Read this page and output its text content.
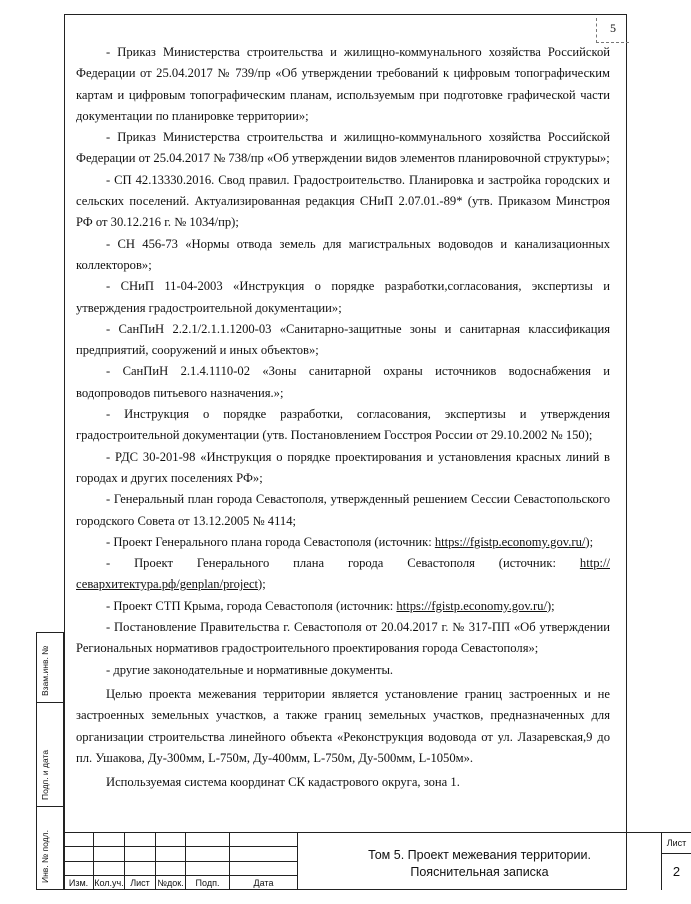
5

- Приказ Министерства строительства и жилищно-коммунального хозяйства Российской Федерации от 25.04.2017 № 739/пр «Об утверждении требований к цифровым топографическим картам и цифровым топографическим планам, используемым при подготовке графической части документации по планировке территории»;

- Приказ Министерства строительства и жилищно-коммунального хозяйства Российской Федерации от 25.04.2017 № 738/пр «Об утверждении видов элементов планировочной структуры»;

- СП 42.13330.2016. Свод правил. Градостроительство. Планировка и застройка городских и сельских поселений. Актуализированная редакция СНиП 2.07.01.-89* (утв. Приказом Минстроя РФ от 30.12.216 г. № 1034/пр);

- СН 456-73 «Нормы отвода земель для магистральных водоводов и канализационных коллекторов»;

- СНиП 11-04-2003 «Инструкция о порядке разработки,согласования, экспертизы и утверждения градостроительной документации»;

- СанПиН 2.2.1/2.1.1.1200-03 «Санитарно-защитные зоны и санитарная классификация предприятий, сооружений и иных объектов»;

- СанПиН 2.1.4.1110-02 «Зоны санитарной охраны источников водоснабжения и водопроводов питьевого назначения.»;

- Инструкция о порядке разработки, согласования, экспертизы и утверждения градостроительной документации (утв. Постановлением Госстроя России от 29.10.2002 № 150);

- РДС 30-201-98 «Инструкция о порядке проектирования и установления красных линий в городах и других поселениях РФ»;

- Генеральный план города Севастополя, утвержденный решением Сессии Севастопольского городского Совета от 13.12.2005 № 4114;

- Проект Генерального плана города Севастополя (источник: https://fgistp.economy.gov.ru/);

- Проект Генерального плана города Севастополя (источник: http://севархитектура.рф/genplan/project);

- Проект СТП Крыма, города Севастополя (источник: https://fgistp.economy.gov.ru/);

- Постановление Правительства г. Севастополя от 20.04.2017 г. № 317-ПП «Об утверждении Региональных нормативов градостроительного проектирования города Севастополя»;

- другие законодательные и нормативные документы.

Целью проекта межевания территории является установление границ застроенных и не застроенных земельных участков, а также границ земельных участков, предназначенных для организации строительства линейного объекта «Реконструкция водовода от ул. Лазаревская,9 до пл. Ушакова, Ду-300мм, L-750м, Ду-400мм, L-750м, Ду-500мм, L-1050м».

Используемая система координат СК кадастрового округа, зона 1.

Взам.инв. №
Подп. и дата
Инв. № подл.	Изм. Кол.уч. Лист №док.	Подп.	Дата
Том 5. Проект межевания территории.
Пояснительная записка
Лист
2
